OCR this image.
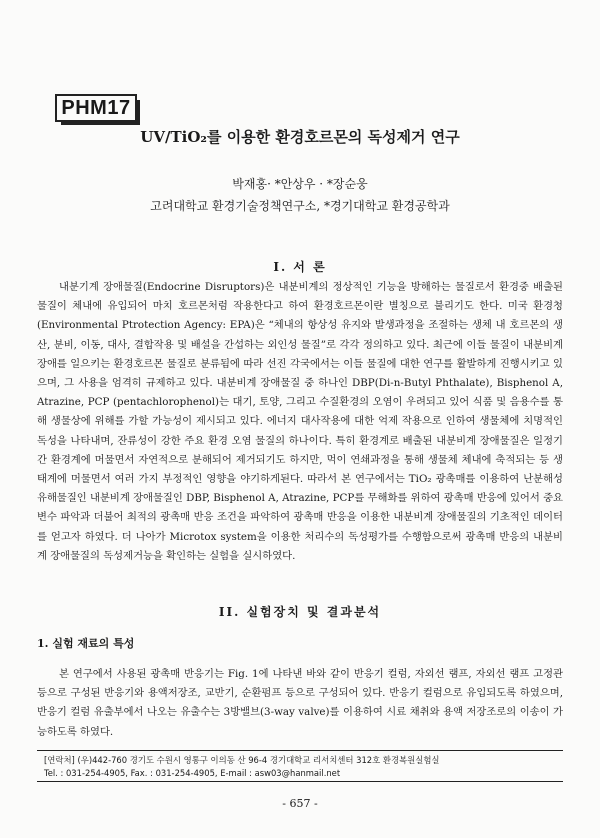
PHM17
UV/TiO₂를 이용한 환경호르몬의 독성제거 연구
박재홍· *안상우 · *장순웅
고려대학교 환경기술정책연구소, *경기대학교 환경공학과
I. 서 론

내분기계 장애물질(Endocrine Disruptors)은 내분비계의 정상적인 기능을 방해하는 물질로서 환경중 배출된 물질이 체내에 유입되어 마치 호르몬처럼 작용한다고 하여 환경호르몬이란 별칭으로 불리기도 한다. 미국 환경청(Environmental Ptrotection Agency: EPA)은 “체내의 항상성 유지와 발생과정을 조절하는 생체 내 호르몬의 생산, 분비, 이동, 대사, 결합작용 및 배설을 간섭하는 외인성 물질”로 각각 정의하고 있다. 최근에 이들 물질이 내분비계 장애를 일으키는 환경호르몬 물질로 분류됨에 따라 선진 각국에서는 이들 물질에 대한 연구를 활발하게 진행시키고 있으며, 그 사용을 엄격히 규제하고 있다. 내분비계 장애물질 중 하나인 DBP(Di-n-Butyl Phthalate), Bisphenol A, Atrazine, PCP (pentachlorophenol)는 대기, 토양, 그리고 수질환경의 오염이 우려되고 있어 식품 및 음용수를 통해 생물상에 위해를 가할 가능성이 제시되고 있다. 에너지 대사작용에 대한 억제 작용으로 인하여 생물체에 치명적인 독성을 나타내며, 잔류성이 강한 주요 환경 오염 물질의 하나이다. 특히 환경계로 배출된 내분비계 장애물질은 일정기간 환경계에 머물면서 자연적으로 분해되어 제거되기도 하지만, 먹이 연쇄과정을 통해 생물체 체내에 축적되는 등 생태계에 머물면서 여러 가지 부정적인 영향을 야기하게된다. 따라서 본 연구에서는 TiO₂ 광촉매를 이용하여 난분해성 유해물질인 내분비계 장애물질인 DBP, Bisphenol A, Atrazine, PCP를 무해화를 위하여 광촉매 반응에 있어서 중요 변수 파악과 더불어 최적의 광촉매 반응 조건을 파악하여 광촉매 반응을 이용한 내분비계 장애물질의 기초적인 데이터를 얻고자 하였다. 더 나아가 Microtox system을 이용한 처리수의 독성평가를 수행함으로써 광촉매 반응의 내분비계 장애물질의 독성제거능을 확인하는 실험을 실시하였다.

II. 실험장치 및 결과분석
1. 실험 재료의 특성

본 연구에서 사용된 광촉매 반응기는 Fig. 1에 나타낸 바와 같이 반응기 컬럼, 자외선 램프, 자외선 램프 고정관 등으로 구성된 반응기와 용액저장조, 교반기, 순환펌프 등으로 구성되어 있다. 반응기 컬럼으로 유입되도록 하였으며, 반응기 컬럼 유출부에서 나오는 유출수는 3방밸브(3-way valve)를 이용하여 시료 채취와 용액 저장조로의 이송이 가능하도록 하였다.

[연락처] (우)442-760 경기도 수원시 영통구 이의동 산 96-4 경기대학교 리서치센터 312호 환경복원실험실
Tel. : 031-254-4905, Fax. : 031-254-4905, E-mail : asw03@hanmail.net
- 657 -
